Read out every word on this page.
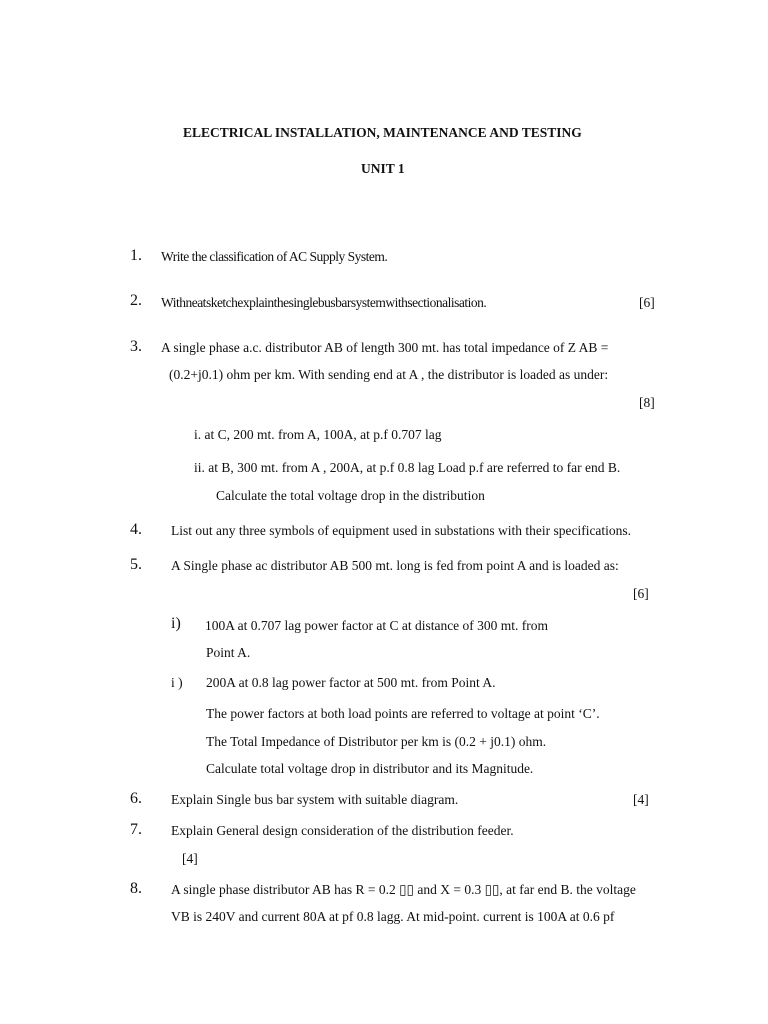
ELECTRICAL INSTALLATION, MAINTENANCE AND TESTING
UNIT 1
1. Write the classification of AC Supply System.
2. Withneatsketchexplainthesinglebusbarsystemwithsectionalisation.	[6]
3. A single phase a.c. distributor AB of length 300 mt. has total impedance of Z AB =
(0.2+j0.1) ohm per km. With sending end at A , the distributor is loaded as under:
[8]
i. at C, 200 mt. from A, 100A, at p.f 0.707 lag
ii. at B, 300 mt. from A , 200A, at p.f 0.8 lag Load p.f are referred to far end B.
Calculate the total voltage drop in the distribution
4. List out any three symbols of equipment used in substations with their specifications.
5. A Single phase ac distributor AB 500 mt. long is fed from point A and is loaded as:
[6]
i) 100A at 0.707 lag power factor at C at distance of 300 mt. from
Point A.
i ) 200A at 0.8 lag power factor at 500 mt. from Point A.
The power factors at both load points are referred to voltage at point ‘C’.
The Total Impedance of Distributor per km is (0.2 + j0.1) ohm.
Calculate total voltage drop in distributor and its Magnitude.
6. Explain Single bus bar system with suitable diagram.	[4]
7. Explain General design consideration of the distribution feeder.
[4]
8. A single phase distributor AB has R = 0.2 ▯▯ and X = 0.3 ▯▯, at far end B. the voltage
VB is 240V and current 80A at pf 0.8 lagg. At mid-point. current is 100A at 0.6 pf
